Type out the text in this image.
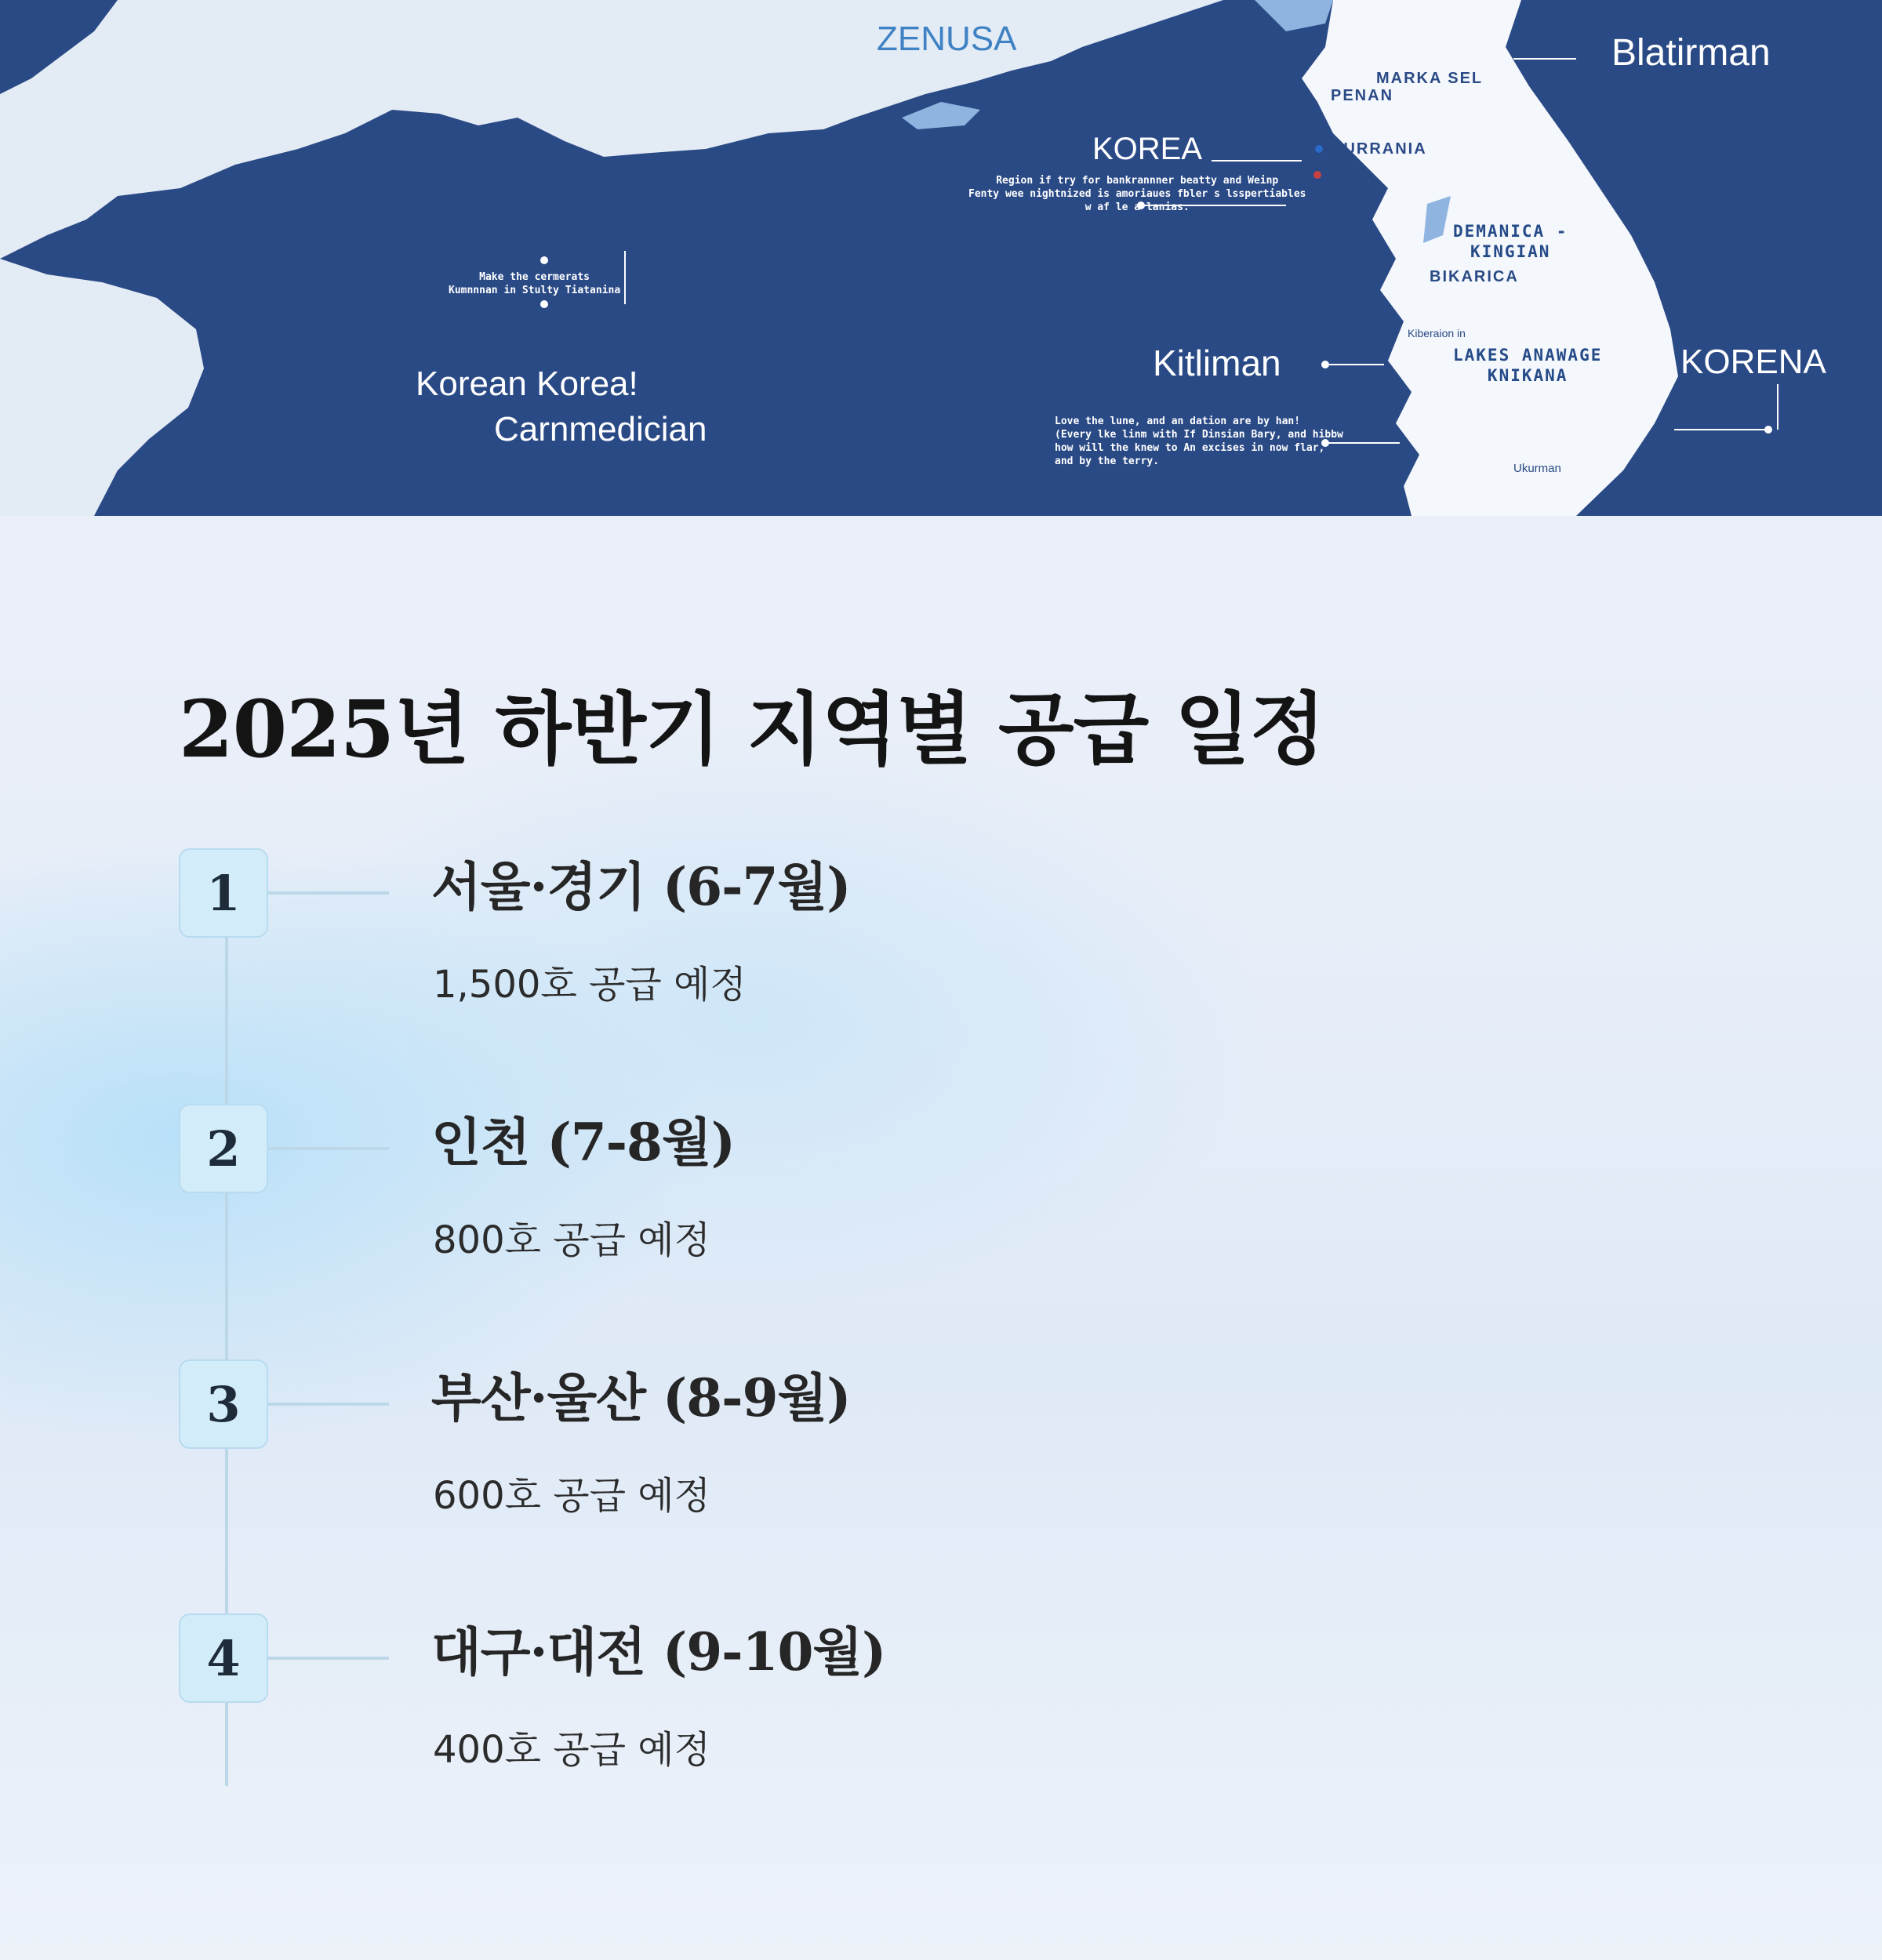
ZENUSA	Blatirman
MARKA SEL
PENAN
KOREA	KURRANIA
DEMANICA -
KINGIAN
BIKARICA
Kiberaion in
Kitliman	LAKES ANAWAGE
KNIKANA	KORENA
Ukurman
Korean Korea!
Carnmedician
Make the cermerats
Kumnnnan in Stulty Tiatanina
Region if try for bankrannner beatty and Weinp
Fenty wee nightnized is amoriaues fbler s lsspertiables
w af le a lanias.
Love the lune, and an dation are by han!
(Every lke linm with If Dinsian Bary, and hibbw
how will the knew to An excises in now flar,
and by the terry.
2025년 하반기 지역별 공급 일정
1	서울·경기 (6-7월)

1,500호 공급 예정

2	인천 (7-8월)

800호 공급 예정

3	부산·울산 (8-9월)

600호 공급 예정

4	대구·대전 (9-10월)

400호 공급 예정
